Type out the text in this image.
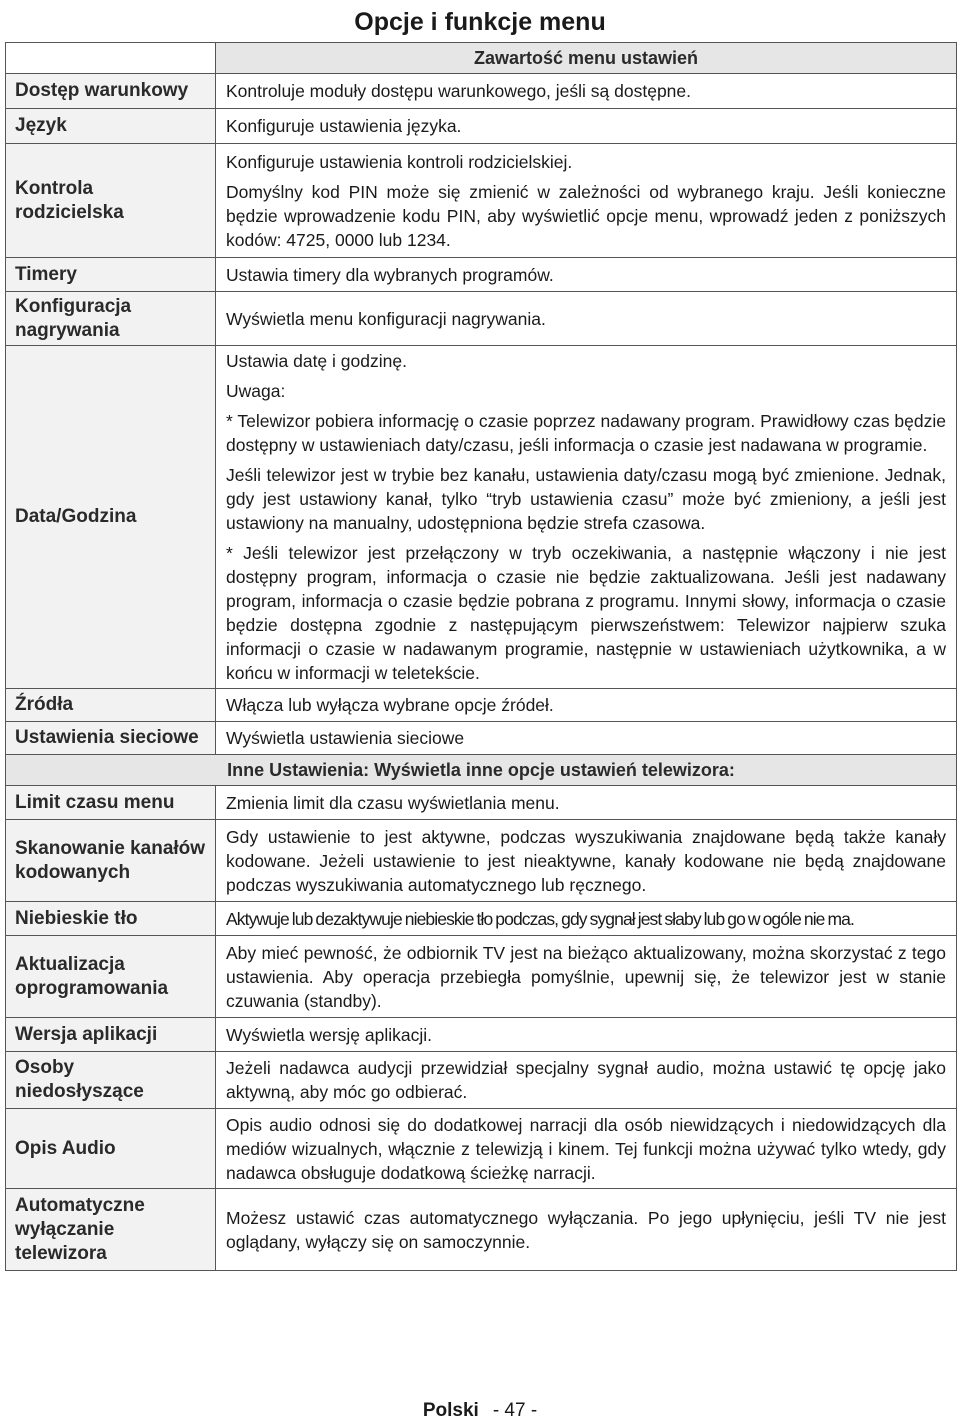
Opcje i funkcje menu
	Zawartość menu ustawień
Dostęp warunkowy	Kontroluje moduły dostępu warunkowego, jeśli są dostępne.

Język	Konfiguruje ustawienia języka.

Kontrola rodzicielska	Konfiguruje ustawienia kontroli rodzicielskiej.

Domyślny kod PIN może się zmienić w zależności od wybranego kraju. Jeśli konieczne będzie wprowadzenie kodu PIN, aby wyświetlić opcje menu, wprowadź jeden z poniższych kodów: 4725, 0000 lub 1234.

Timery	Ustawia timery dla wybranych programów.

Konfiguracja nagrywania	Wyświetla menu konfiguracji nagrywania.

Data/Godzina	Ustawia datę i godzinę.

Uwaga:

* Telewizor pobiera informację o czasie poprzez nadawany program. Prawidłowy czas będzie dostępny w ustawieniach daty/czasu, jeśli informacja o czasie jest nadawana w programie.

Jeśli telewizor jest w trybie bez kanału, ustawienia daty/czasu mogą być zmienione. Jednak, gdy jest ustawiony kanał, tylko “tryb ustawienia czasu” może być zmieniony, a jeśli jest ustawiony na manualny, udostępniona będzie strefa czasowa.

* Jeśli telewizor jest przełączony w tryb oczekiwania, a następnie włączony i nie jest dostępny program, informacja o czasie nie będzie zaktualizowana. Jeśli jest nadawany program, informacja o czasie będzie pobrana z programu. Innymi słowy, informacja o czasie będzie dostępna zgodnie z następującym pierwszeństwem: Telewizor najpierw szuka informacji o czasie w nadawanym programie, następnie w ustawieniach użytkownika, a w końcu w informacji w teletekście.

Źródła	Włącza lub wyłącza wybrane opcje źródeł.

Ustawienia sieciowe	Wyświetla ustawienia sieciowe

Inne Ustawienia: Wyświetla inne opcje ustawień telewizora:	
Limit czasu menu	Zmienia limit dla czasu wyświetlania menu.

Skanowanie kanałów kodowanych	Gdy ustawienie to jest aktywne, podczas wyszukiwania znajdowane będą także kanały kodowane. Jeżeli ustawienie to jest nieaktywne, kanały kodowane nie będą znajdowane podczas wyszukiwania automatycznego lub ręcznego.

Niebieskie tło	Aktywuje lub dezaktywuje niebieskie tło podczas, gdy sygnał jest słaby lub go w ogóle nie ma.

Aktualizacja oprogramowania	Aby mieć pewność, że odbiornik TV jest na bieżąco aktualizowany, można skorzystać z tego ustawienia. Aby operacja przebiegła pomyślnie, upewnij się, że telewizor jest w stanie czuwania (standby).

Wersja aplikacji	Wyświetla wersję aplikacji.

Osoby niedosłyszące	Jeżeli nadawca audycji przewidział specjalny sygnał audio, można ustawić tę opcję jako aktywną, aby móc go odbierać.

Opis Audio	Opis audio odnosi się do dodatkowej narracji dla osób niewidzących i niedowidzących dla mediów wizualnych, włącznie z telewizją i kinem. Tej funkcji można używać tylko wtedy, gdy nadawca obsługuje dodatkową ścieżkę narracji.

Automatyczne wyłączanie telewizora	Możesz ustawić czas automatycznego wyłączania. Po jego upłynięciu, jeśli TV nie jest oglądany, wyłączy się on samoczynnie.

Polski - 47 -
